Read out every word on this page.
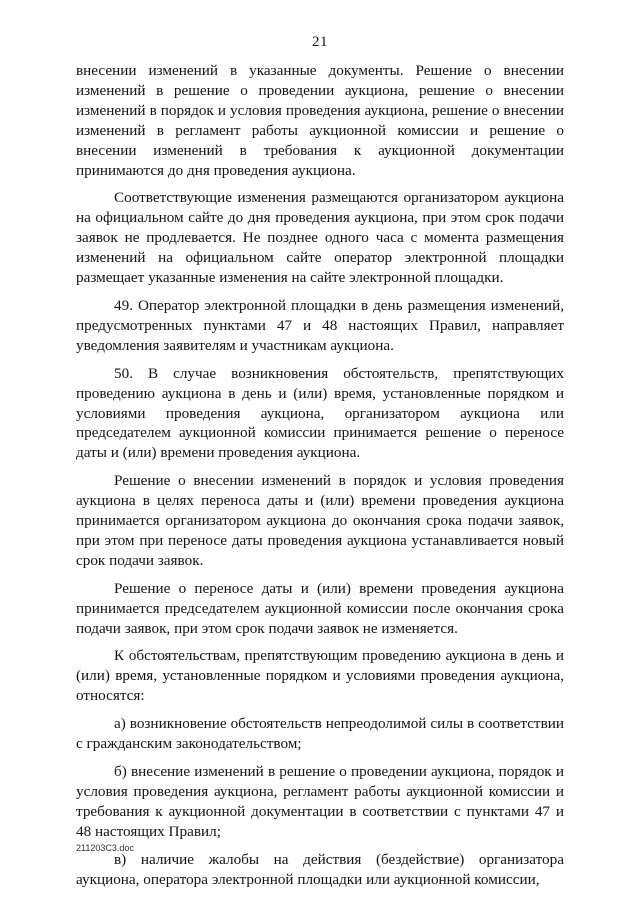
21

внесении изменений в указанные документы. Решение о внесении изменений в решение о проведении аукциона, решение о внесении изменений в порядок и условия проведения аукциона, решение о внесении изменений в регламент работы аукционной комиссии и решение о внесении изменений в требования к аукционной документации принимаются до дня проведения аукциона.

Соответствующие изменения размещаются организатором аукциона на официальном сайте до дня проведения аукциона, при этом срок подачи заявок не продлевается. Не позднее одного часа с момента размещения изменений на официальном сайте оператор электронной площадки размещает указанные изменения на сайте электронной площадки.

49. Оператор электронной площадки в день размещения изменений, предусмотренных пунктами 47 и 48 настоящих Правил, направляет уведомления заявителям и участникам аукциона.

50. В случае возникновения обстоятельств, препятствующих проведению аукциона в день и (или) время, установленные порядком и условиями проведения аукциона, организатором аукциона или председателем аукционной комиссии принимается решение о переносе даты и (или) времени проведения аукциона.

Решение о внесении изменений в порядок и условия проведения аукциона в целях переноса даты и (или) времени проведения аукциона принимается организатором аукциона до окончания срока подачи заявок, при этом при переносе даты проведения аукциона устанавливается новый срок подачи заявок.

Решение о переносе даты и (или) времени проведения аукциона принимается председателем аукционной комиссии после окончания срока подачи заявок, при этом срок подачи заявок не изменяется.

К обстоятельствам, препятствующим проведению аукциона в день и (или) время, установленные порядком и условиями проведения аукциона, относятся:

а) возникновение обстоятельств непреодолимой силы в соответствии с гражданским законодательством;

б) внесение изменений в решение о проведении аукциона, порядок и условия проведения аукциона, регламент работы аукционной комиссии и требования к аукционной документации в соответствии с пунктами 47 и 48 настоящих Правил;

в) наличие жалобы на действия (бездействие) организатора аукциона, оператора электронной площадки или аукционной комиссии,

211203С3.doc
